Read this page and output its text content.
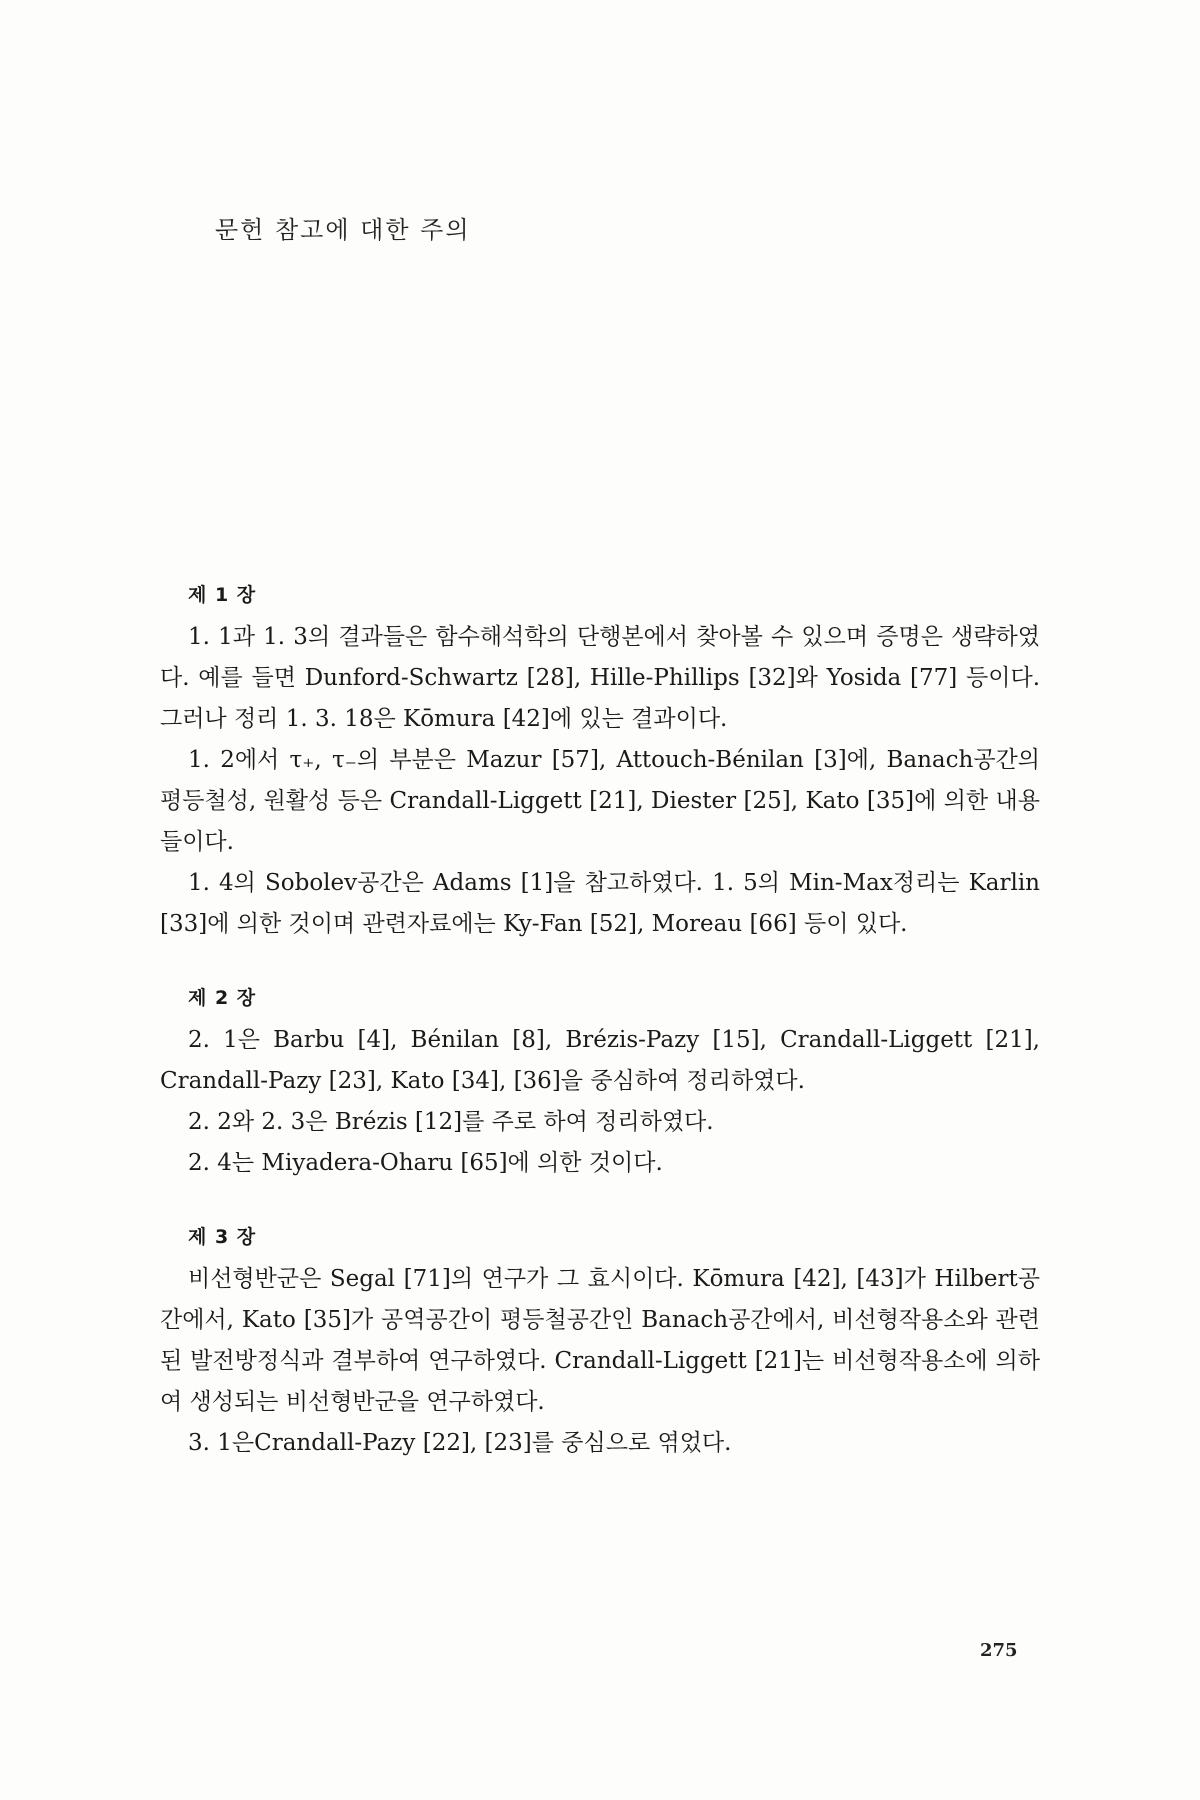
문헌 참고에 대한 주의
제 1 장

1. 1과 1. 3의 결과들은 함수해석학의 단행본에서 찾아볼 수 있으며 증명은 생략하였다. 예를 들면 Dunford-Schwartz [28], Hille-Phillips [32]와 Yosida [77] 등이다. 그러나 정리 1. 3. 18은 Kōmura [42]에 있는 결과이다.

1. 2에서 τ₊, τ₋의 부분은 Mazur [57], Attouch-Bénilan [3]에, Banach공간의 평등철성, 원활성 등은 Crandall-Liggett [21], Diester [25], Kato [35]에 의한 내용들이다.

1. 4의 Sobolev공간은 Adams [1]을 참고하였다. 1. 5의 Min-Max정리는 Karlin [33]에 의한 것이며 관련자료에는 Ky-Fan [52], Moreau [66] 등이 있다.

제 2 장

2. 1은 Barbu [4], Bénilan [8], Brézis-Pazy [15], Crandall-Liggett [21], Crandall-Pazy [23], Kato [34], [36]을 중심하여 정리하였다.

2. 2와 2. 3은 Brézis [12]를 주로 하여 정리하였다.

2. 4는 Miyadera-Oharu [65]에 의한 것이다.

제 3 장

비선형반군은 Segal [71]의 연구가 그 효시이다. Kōmura [42], [43]가 Hilbert공간에서, Kato [35]가 공역공간이 평등철공간인 Banach공간에서, 비선형작용소와 관련된 발전방정식과 결부하여 연구하였다. Crandall-Liggett [21]는 비선형작용소에 의하여 생성되는 비선형반군을 연구하였다.

3. 1은Crandall-Pazy [22], [23]를 중심으로 엮었다.

275
